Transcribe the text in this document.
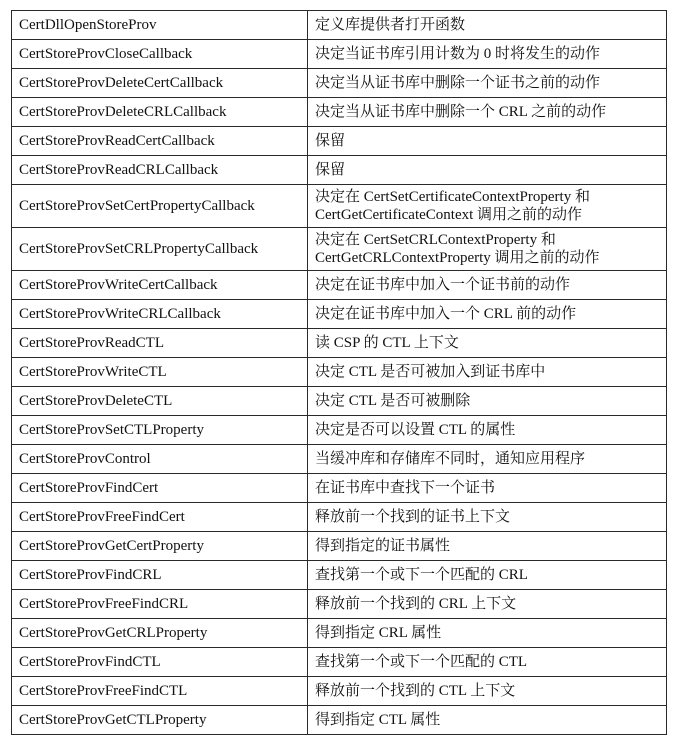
CertDllOpenStoreProv	定义库提供者打开函数

CertStoreProvCloseCallback	决定当证书库引用计数为 0 时将发生的动作

CertStoreProvDeleteCertCallback	决定当从证书库中删除一个证书之前的动作

CertStoreProvDeleteCRLCallback	决定当从证书库中删除一个 CRL 之前的动作

CertStoreProvReadCertCallback	保留

CertStoreProvReadCRLCallback	保留

CertStoreProvSetCertPropertyCallback	决定在 CertSetCertificateContextProperty 和
CertGetCertificateContext 调用之前的动作

CertStoreProvSetCRLPropertyCallback	决定在 CertSetCRLContextProperty 和
CertGetCRLContextProperty 调用之前的动作

CertStoreProvWriteCertCallback	决定在证书库中加入一个证书前的动作

CertStoreProvWriteCRLCallback	决定在证书库中加入一个 CRL 前的动作

CertStoreProvReadCTL	读 CSP 的 CTL 上下文

CertStoreProvWriteCTL	决定 CTL 是否可被加入到证书库中

CertStoreProvDeleteCTL	决定 CTL 是否可被删除

CertStoreProvSetCTLProperty	决定是否可以设置 CTL 的属性

CertStoreProvControl	当缓冲库和存储库不同时，通知应用程序

CertStoreProvFindCert	在证书库中查找下一个证书

CertStoreProvFreeFindCert	释放前一个找到的证书上下文

CertStoreProvGetCertProperty	得到指定的证书属性

CertStoreProvFindCRL	查找第一个或下一个匹配的 CRL

CertStoreProvFreeFindCRL	释放前一个找到的 CRL 上下文

CertStoreProvGetCRLProperty	得到指定 CRL 属性

CertStoreProvFindCTL	查找第一个或下一个匹配的 CTL

CertStoreProvFreeFindCTL	释放前一个找到的 CTL 上下文

CertStoreProvGetCTLProperty	得到指定 CTL 属性
